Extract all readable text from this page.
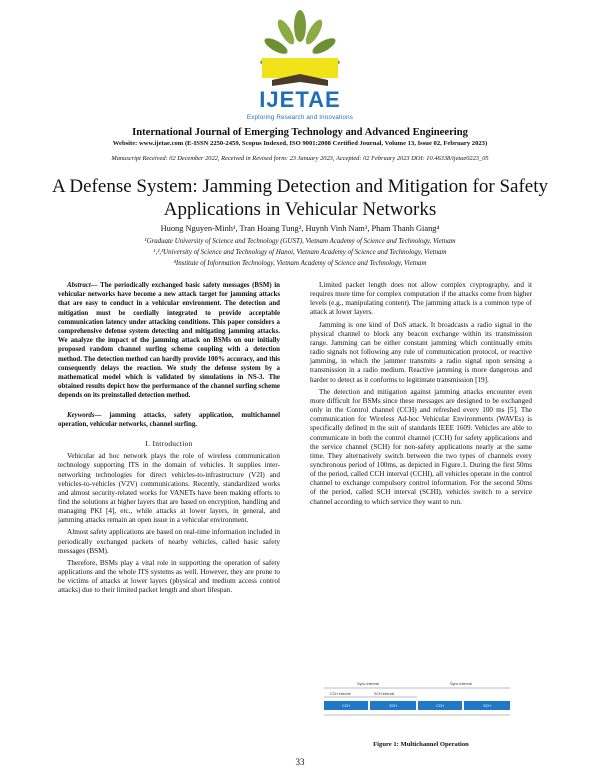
IJETAE
Exploring Research and Innovations
International Journal of Emerging Technology and Advanced Engineering
Website: www.ijetae.com (E-ISSN 2250-2459, Scopus Indexed, ISO 9001:2008 Certified Journal, Volume 13, Issue 02, February 2023)
Manuscript Received: 02 December 2022, Received in Revised form: 23 January 2023, Accepted: 02 February 2023 DOI: 10.46338/ijetae0223_05
A Defense System: Jamming Detection and Mitigation for Safety Applications in Vehicular Networks
Huong Nguyen-Minh¹, Tran Hoang Tung², Huynh Vinh Nam³, Pham Thanh Giang⁴
¹Graduate University of Science and Technology (GUST), Vietnam Academy of Science and Technology, Vietnam
¹,²,³University of Science and Technology of Hanoi, Vietnam Academy of Science and Technology, Vietnam
⁴Institute of Information Technology, Vietnam Academy of Science and Technology, Vietnam

Abstract— The periodically exchanged basic safety messages (BSM) in vehicular networks have become a new attack target for jamming attacks that are easy to conduct in a vehicular environment. The detection and mitigation must be cordially integrated to provide acceptable communication latency under attacking conditions. This paper considers a comprehensive defense system detecting and mitigating jamming attacks. We analyze the impact of the jamming attack on BSMs on our initially proposed random channel surfing scheme coupling with a detection method. The detection method can hardly provide 100% accuracy, and this consequently delays the reaction. We study the defense system by a mathematical model which is validated by simulations in NS-3. The obtained results depict how the performance of the channel surfing scheme depends on its preinstalled detection method.

Keywords— jamming attacks, safety application, multichannel operation, vehicular networks, channel surfing.

I. Introduction

Vehicular ad hoc network plays the role of wireless communication technology supporting ITS in the domain of vehicles. It supplies inter-networking technologies for direct vehicles-to-infrastructure (V2I) and vehicles-to-vehicles (V2V) communications. Recently, standardized works and almost security-related works for VANETs have been making efforts to find the solutions at higher layers that are based on encryption, handling and managing PKI [4], etc., while attacks at lower layers, in general, and jamming attacks remain an open issue in a vehicular environment.

Almost safety applications are based on real-time information included in periodically exchanged packets of nearby vehicles, called basic safety messages (BSM).

Therefore, BSMs play a vital role in supporting the operation of safety applications and the whole ITS systems as well. However, they are prone to be victims of attacks at lower layers (physical and medium access control attacks) due to their limited packet length and short lifespan.

Limited packet length does not allow complex cryptography, and it requires more time for complex computation if the attacks come from higher levels (e.g., manipulating content). The jamming attack is a common type of attack at lower layers.

Jamming is one kind of DoS attack. It broadcasts a radio signal in the physical channel to block any beacon exchange within its transmission range. Jamming can be either constant jamming which continually emits radio signals not following any rule of communication protocol, or reactive jamming, in which the jammer transmits a radio signal upon sensing a transmission in a radio medium. Reactive jamming is more dangerous and harder to detect as it conforms to legitimate transmission [19].

The detection and mitigation against jamming attacks encounter even more difficult for BSMs since these messages are designed to be exchanged only in the Control channel (CCH) and refreshed every 100 ms [5]. The communication for Wireless Ad-hoc Vehicular Environments (WAVEs) is specifically defined in the suit of standards IEEE 1609. Vehicles are able to communicate in both the control channel (CCH) for safety applications and the service channel (SCH) for non-safety applications nearly at the same time. They alternatively switch between the two types of channels every synchronous period of 100ms, as depicted in Figure.1. During the first 50ms of the period, called CCH interval (CCHI), all vehicles operate in the control channel to exchange compulsory control information. For the second 50ms of the period, called SCH interval (SCHI), vehicles switch to a service channel according to which service they want to run.

Sync interval	Sync interval
CCH interval	SCH interval
CCH	SCH	CCH	SCH
Figure 1: Multichannel Operation
33
